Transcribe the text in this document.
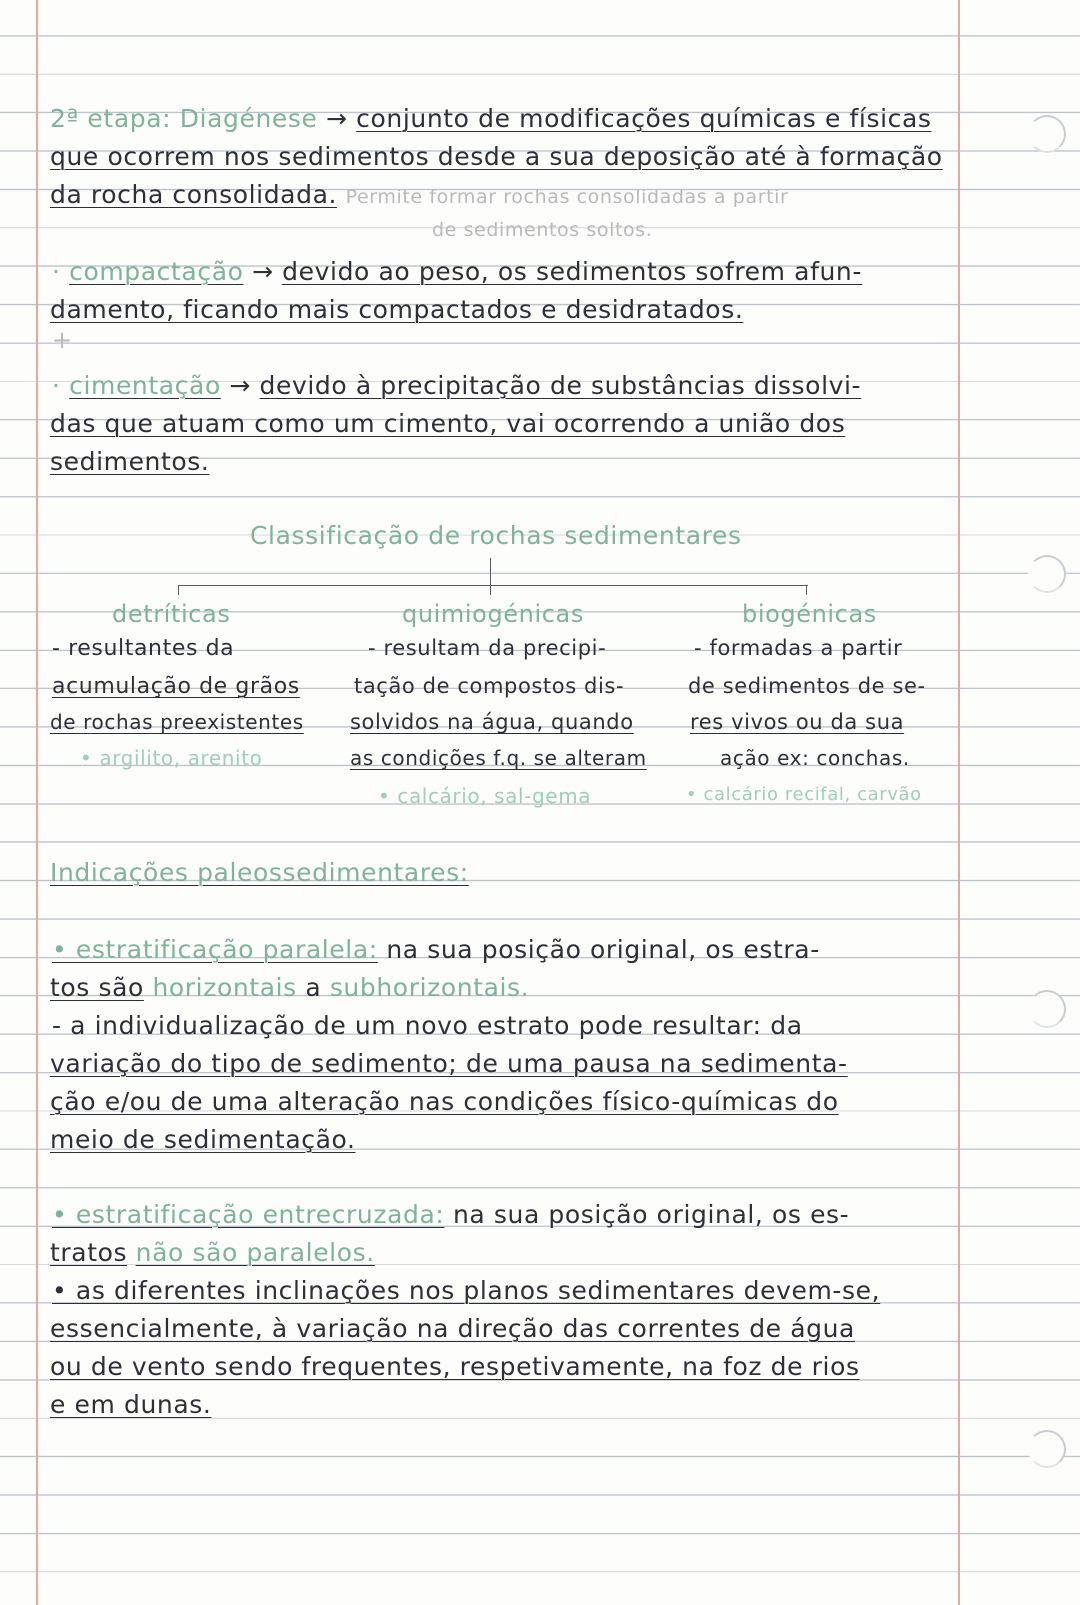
2ª etapa: Diagénese → conjunto de modificações químicas e físicas
que ocorrem nos sedimentos desde a sua deposição até à formação
da rocha consolidada. Permite formar rochas consolidadas a partir
de sedimentos soltos.
· compactação → devido ao peso, os sedimentos sofrem afun-
damento, ficando mais compactados e desidratados.
+
· cimentação → devido à precipitação de substâncias dissolvi-
das que atuam como um cimento, vai ocorrendo a união dos
sedimentos.
Classificação de rochas sedimentares
detríticas
- resultantes da
acumulação de grãos
de rochas preexistentes
• argilito, arenito
quimiogénicas
- resultam da precipi-
tação de compostos dis-
solvidos na água, quando
as condições f.q. se alteram
• calcário, sal-gema
biogénicas
- formadas a partir
de sedimentos de se-
res vivos ou da sua
ação ex: conchas.
• calcário recifal, carvão
Indicações paleossedimentares:
• estratificação paralela: na sua posição original, os estra-
tos são horizontais a subhorizontais.
- a individualização de um novo estrato pode resultar: da
variação do tipo de sedimento; de uma pausa na sedimenta-
ção e/ou de uma alteração nas condições físico-químicas do
meio de sedimentação.
• estratificação entrecruzada: na sua posição original, os es-
tratos não são paralelos.
• as diferentes inclinações nos planos sedimentares devem-se,
essencialmente, à variação na direção das correntes de água
ou de vento sendo frequentes, respetivamente, na foz de rios
e em dunas.
